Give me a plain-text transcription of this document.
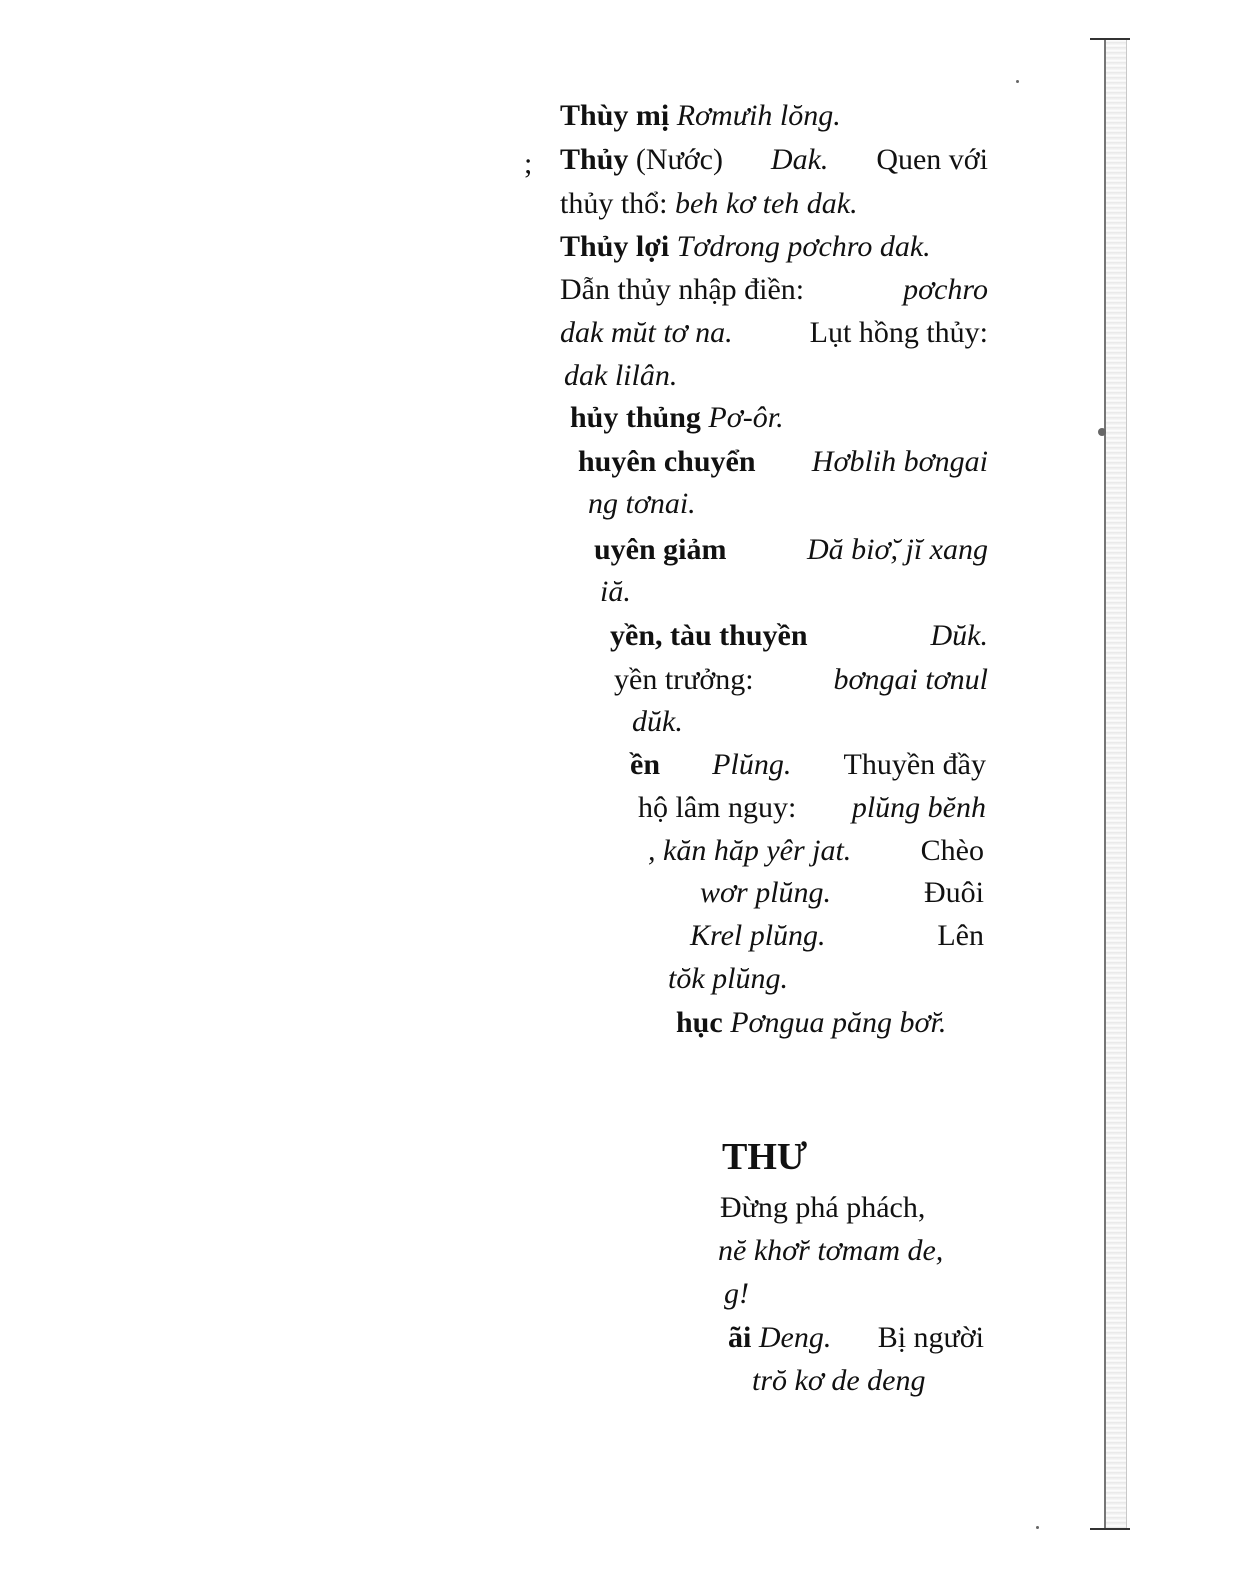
;
Thùy mị Rơmưih lŏng.
Thủy (Nước) Dak. Quen với
thủy thổ: beh kơ teh dak.
Thủy lợi Tơdrong pơchro dak.
Dẫn thủy nhập điền:	pơchro
dak mŭt tơ na.	Lụt hồng thủy:
dak lilân.
hủy thủng Pơ-ôr.
huyên chuyển Hơblih bơngai
ng tơnai.
uyên giảm	Dă biơ̆, jĭ xang
iă.
yền, tàu thuyền	Dŭk.
yền trưởng:	bơngai tơnul
dŭk.
ền Plŭng. Thuyền đầy
hộ lâm nguy: plŭng bĕnh
, kăn hăp yêr jat. Chèo
wơr plŭng.	Đuôi
Krel plŭng.	Lên
tŏk plŭng.
hục Pơngua păng bơ̆r.
THƯ
Đừng phá phách,
nĕ khơ̆r tơmam de,
g!
ãi Deng. Bị người
trŏ kơ de deng
